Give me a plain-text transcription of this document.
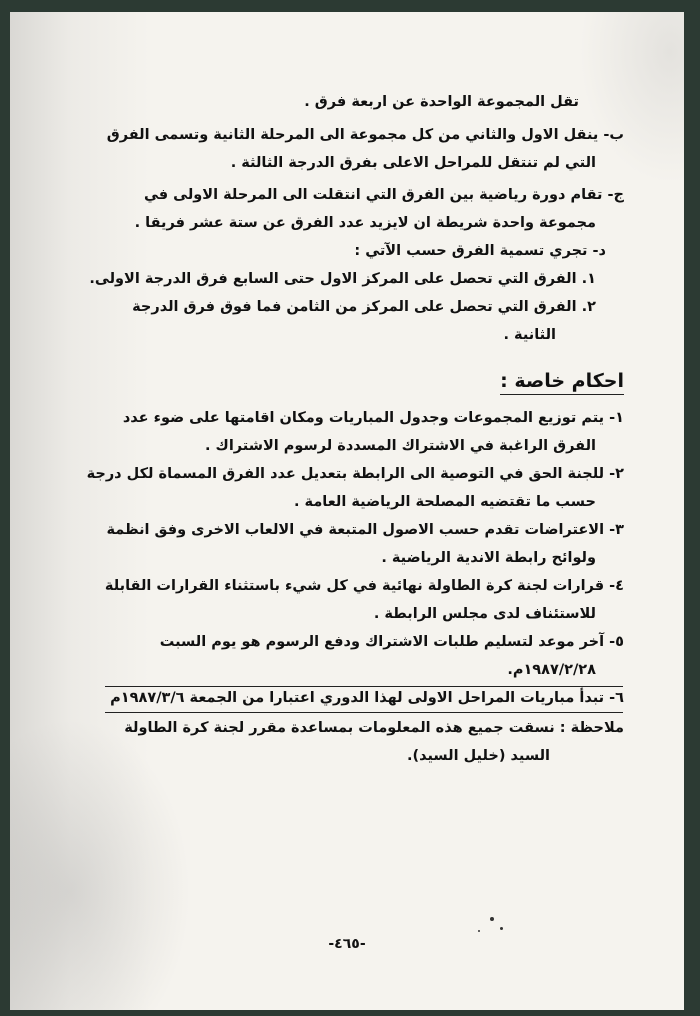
تقل المجموعة الواحدة عن اربعة فرق .
ب- ينقل الاول والثاني من كل مجموعة الى المرحلة الثانية وتسمى الفرق
التي لم تنتقل للمراحل الاعلى بفرق الدرجة الثالثة .
ج- تقام دورة رياضية بين الفرق التي انتقلت الى المرحلة الاولى في
مجموعة واحدة شريطة ان لايزيد عدد الفرق عن ستة عشر فريقا .
د- تجري تسمية الفرق حسب الآتي :
١. الفرق التي تحصل على المركز الاول حتى السابع فرق الدرجة الاولى.
٢. الفرق التي تحصل على المركز من الثامن فما فوق فرق الدرجة
الثانية .
احكام خاصة :
١- يتم توزيع المجموعات وجدول المباريات ومكان اقامتها على ضوء عدد
الفرق الراغبة في الاشتراك المسددة لرسوم الاشتراك .
٢- للجنة الحق في التوصية الى الرابطة بتعديل عدد الفرق المسماة لكل درجة
حسب ما تقتضيه المصلحة الرياضية العامة .
٣- الاعتراضات تقدم حسب الاصول المتبعة في الالعاب الاخرى وفق انظمة
ولوائح رابطة الاندية الرياضية .
٤- قرارات لجنة كرة الطاولة نهائية في كل شيء باستثناء القرارات القابلة
للاستئناف لدى مجلس الرابطة .
٥- آخر موعد لتسليم طلبات الاشتراك ودفع الرسوم هو يوم السبت
١٩٨٧/٢/٢٨م.
٦- تبدأ مباريات المراحل الاولى لهذا الدوري اعتبارا من الجمعة ١٩٨٧/٣/٦م
ملاحظة : نسقت جميع هذه المعلومات بمساعدة مقرر لجنة كرة الطاولة
السيد (خليل السيد).
-٤٦٥-
